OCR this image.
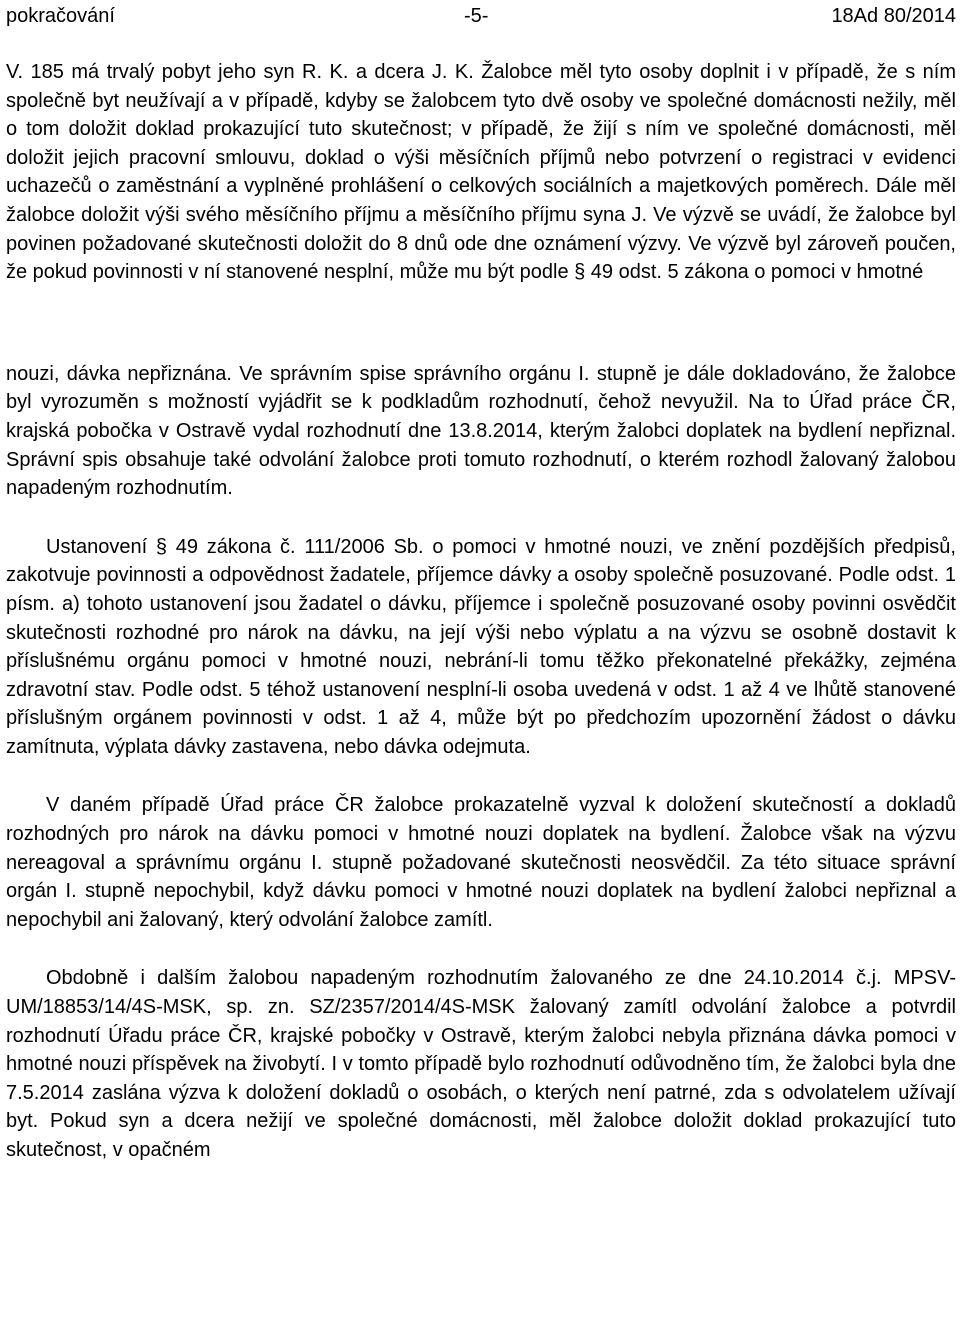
pokračování	-5-	18Ad 80/2014

V. 185 má trvalý pobyt jeho syn R. K. a dcera J. K. Žalobce měl tyto osoby doplnit i v případě, že s ním společně byt neužívají a v případě, kdyby se žalobcem tyto dvě osoby ve společné domácnosti nežily, měl o tom doložit doklad prokazující tuto skutečnost; v případě, že žijí s ním ve společné domácnosti, měl doložit jejich pracovní smlouvu, doklad o výši měsíčních příjmů nebo potvrzení o registraci v evidenci uchazečů o zaměstnání a vyplněné prohlášení o celkových sociálních a majetkových poměrech. Dále měl žalobce doložit výši svého měsíčního příjmu a měsíčního příjmu syna J. Ve výzvě se uvádí, že žalobce byl povinen požadované skutečnosti doložit do 8 dnů ode dne oznámení výzvy. Ve výzvě byl zároveň poučen, že pokud povinnosti v ní stanovené nesplní, může mu být podle § 49 odst. 5 zákona o pomoci v hmotné

nouzi, dávka nepřiznána. Ve správním spise správního orgánu I. stupně je dále dokladováno, že žalobce byl vyrozuměn s možností vyjádřit se k podkladům rozhodnutí, čehož nevyužil. Na to Úřad práce ČR, krajská pobočka v Ostravě vydal rozhodnutí dne 13.8.2014, kterým žalobci doplatek na bydlení nepřiznal. Správní spis obsahuje také odvolání žalobce proti tomuto rozhodnutí, o kterém rozhodl žalovaný žalobou napadeným rozhodnutím.

Ustanovení § 49 zákona č. 111/2006 Sb. o pomoci v hmotné nouzi, ve znění pozdějších předpisů, zakotvuje povinnosti a odpovědnost žadatele, příjemce dávky a osoby společně posuzované. Podle odst. 1 písm. a) tohoto ustanovení jsou žadatel o dávku, příjemce i společně posuzované osoby povinni osvědčit skutečnosti rozhodné pro nárok na dávku, na její výši nebo výplatu a na výzvu se osobně dostavit k příslušnému orgánu pomoci v hmotné nouzi, nebrání-li tomu těžko překonatelné překážky, zejména zdravotní stav. Podle odst. 5 téhož ustanovení nesplní-li osoba uvedená v odst. 1 až 4 ve lhůtě stanovené příslušným orgánem povinnosti v odst. 1 až 4, může být po předchozím upozornění žádost o dávku zamítnuta, výplata dávky zastavena, nebo dávka odejmuta.

V daném případě Úřad práce ČR žalobce prokazatelně vyzval k doložení skutečností a dokladů rozhodných pro nárok na dávku pomoci v hmotné nouzi doplatek na bydlení. Žalobce však na výzvu nereagoval a správnímu orgánu I. stupně požadované skutečnosti neosvědčil. Za této situace správní orgán I. stupně nepochybil, když dávku pomoci v hmotné nouzi doplatek na bydlení žalobci nepřiznal a nepochybil ani žalovaný, který odvolání žalobce zamítl.

Obdobně i dalším žalobou napadeným rozhodnutím žalovaného ze dne 24.10.2014 č.j. MPSV-UM/18853/14/4S-MSK, sp. zn. SZ/2357/2014/4S-MSK žalovaný zamítl odvolání žalobce a potvrdil rozhodnutí Úřadu práce ČR, krajské pobočky v Ostravě, kterým žalobci nebyla přiznána dávka pomoci v hmotné nouzi příspěvek na živobytí. I v tomto případě bylo rozhodnutí odůvodněno tím, že žalobci byla dne 7.5.2014 zaslána výzva k doložení dokladů o osobách, o kterých není patrné, zda s odvolatelem užívají byt. Pokud syn a dcera nežijí ve společné domácnosti, měl žalobce doložit doklad prokazující tuto skutečnost, v opačném
